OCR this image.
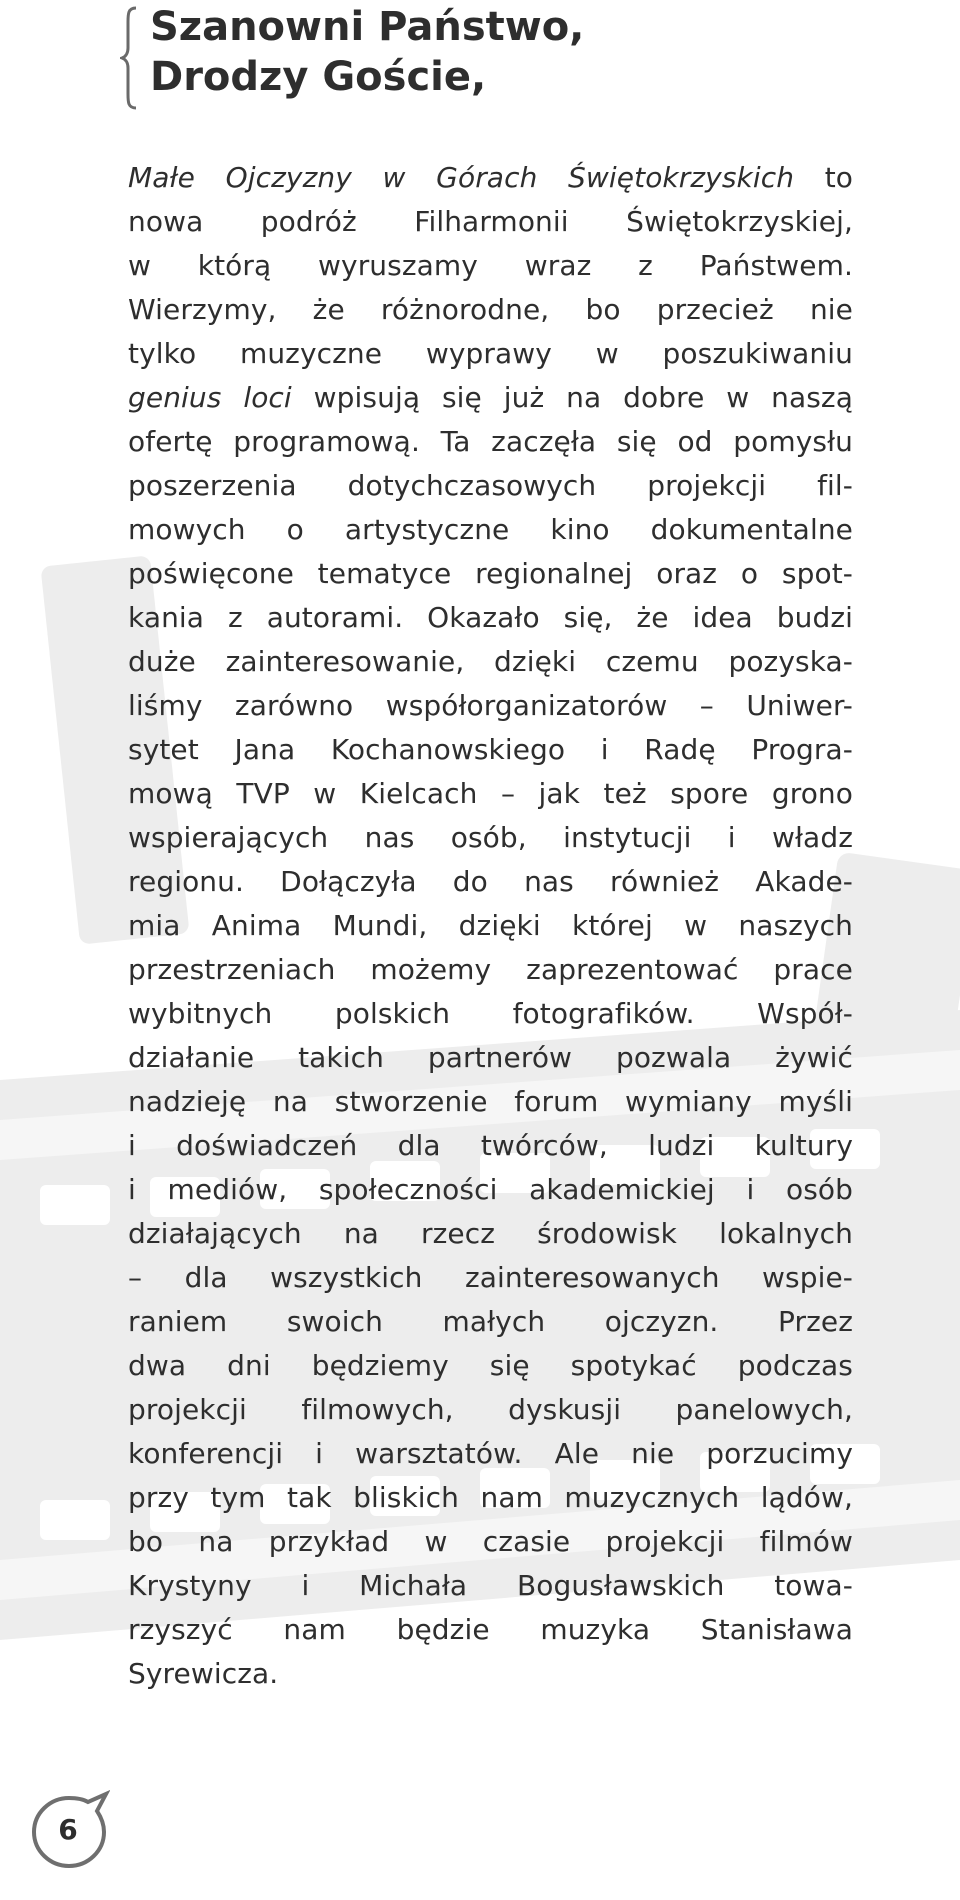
Szanowni Państwo,
Drodzy Goście,
Małe Ojczyzny w Górach Świętokrzyskich to
nowa podróż Filharmonii Świętokrzyskiej,
w którą wyruszamy wraz z Państwem.
Wierzymy, że różnorodne, bo przecież nie
tylko muzyczne wyprawy w poszukiwaniu
genius loci wpisują się już na dobre w naszą
ofertę programową. Ta zaczęła się od pomysłu
poszerzenia dotychczasowych projekcji fil-
mowych o artystyczne kino dokumentalne
poświęcone tematyce regionalnej oraz o spot-
kania z autorami. Okazało się, że idea budzi
duże zainteresowanie, dzięki czemu pozyska-
liśmy zarówno współorganizatorów – Uniwer-
sytet Jana Kochanowskiego i Radę Progra-
mową TVP w Kielcach – jak też spore grono
wspierających nas osób, instytucji i władz
regionu. Dołączyła do nas również Akade-
mia Anima Mundi, dzięki której w naszych
przestrzeniach możemy zaprezentować prace
wybitnych polskich fotografików. Współ-
działanie takich partnerów pozwala żywić
nadzieję na stworzenie forum wymiany myśli
i doświadczeń dla twórców, ludzi kultury
i mediów, społeczności akademickiej i osób
działających na rzecz środowisk lokalnych
– dla wszystkich zainteresowanych wspie-
raniem swoich małych ojczyzn. Przez
dwa dni będziemy się spotykać podczas
projekcji filmowych, dyskusji panelowych,
konferencji i warsztatów. Ale nie porzucimy
przy tym tak bliskich nam muzycznych lądów,
bo na przykład w czasie projekcji filmów
Krystyny i Michała Bogusławskich towa-
rzyszyć nam będzie muzyka Stanisława
Syrewicza.
6
